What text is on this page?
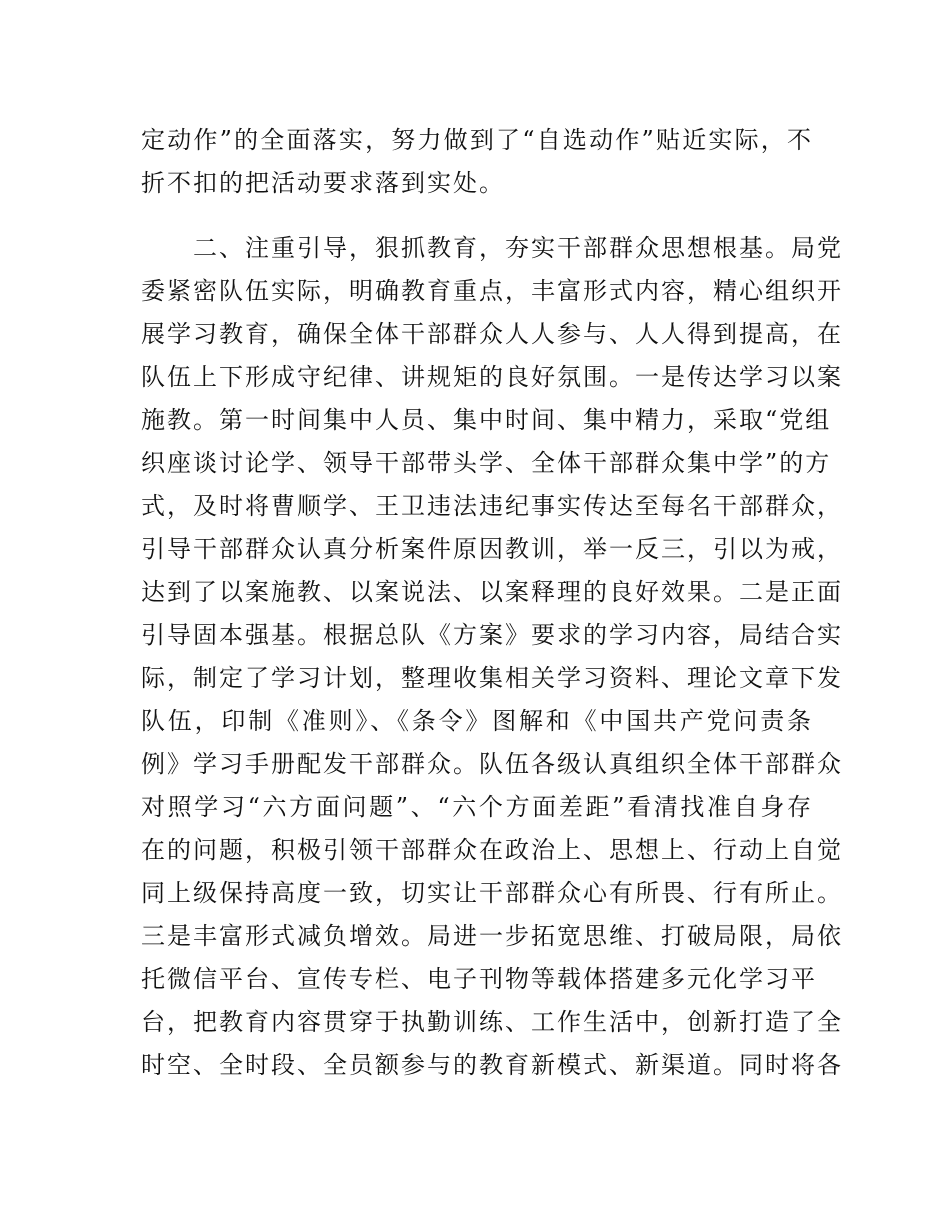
定动作”的全面落实，努力做到了“自选动作”贴近实际，不
折不扣的把活动要求落到实处。
　　二、注重引导，狠抓教育，夯实干部群众思想根基。局党
委紧密队伍实际，明确教育重点，丰富形式内容，精心组织开
展学习教育，确保全体干部群众人人参与、人人得到提高，在
队伍上下形成守纪律、讲规矩的良好氛围。一是传达学习以案
施教。第一时间集中人员、集中时间、集中精力，采取“党组
织座谈讨论学、领导干部带头学、全体干部群众集中学”的方
式，及时将曹顺学、王卫违法违纪事实传达至每名干部群众，
引导干部群众认真分析案件原因教训，举一反三，引以为戒，
达到了以案施教、以案说法、以案释理的良好效果。二是正面
引导固本强基。根据总队《方案》要求的学习内容，局结合实
际，制定了学习计划，整理收集相关学习资料、理论文章下发
队伍，印制《准则》、《条令》图解和《中国共产党问责条
例》学习手册配发干部群众。队伍各级认真组织全体干部群众
对照学习“六方面问题”、“六个方面差距”看清找准自身存
在的问题，积极引领干部群众在政治上、思想上、行动上自觉
同上级保持高度一致，切实让干部群众心有所畏、行有所止。
三是丰富形式减负增效。局进一步拓宽思维、打破局限，局依
托微信平台、宣传专栏、电子刊物等载体搭建多元化学习平
台，把教育内容贯穿于执勤训练、工作生活中，创新打造了全
时空、全时段、全员额参与的教育新模式、新渠道。同时将各
